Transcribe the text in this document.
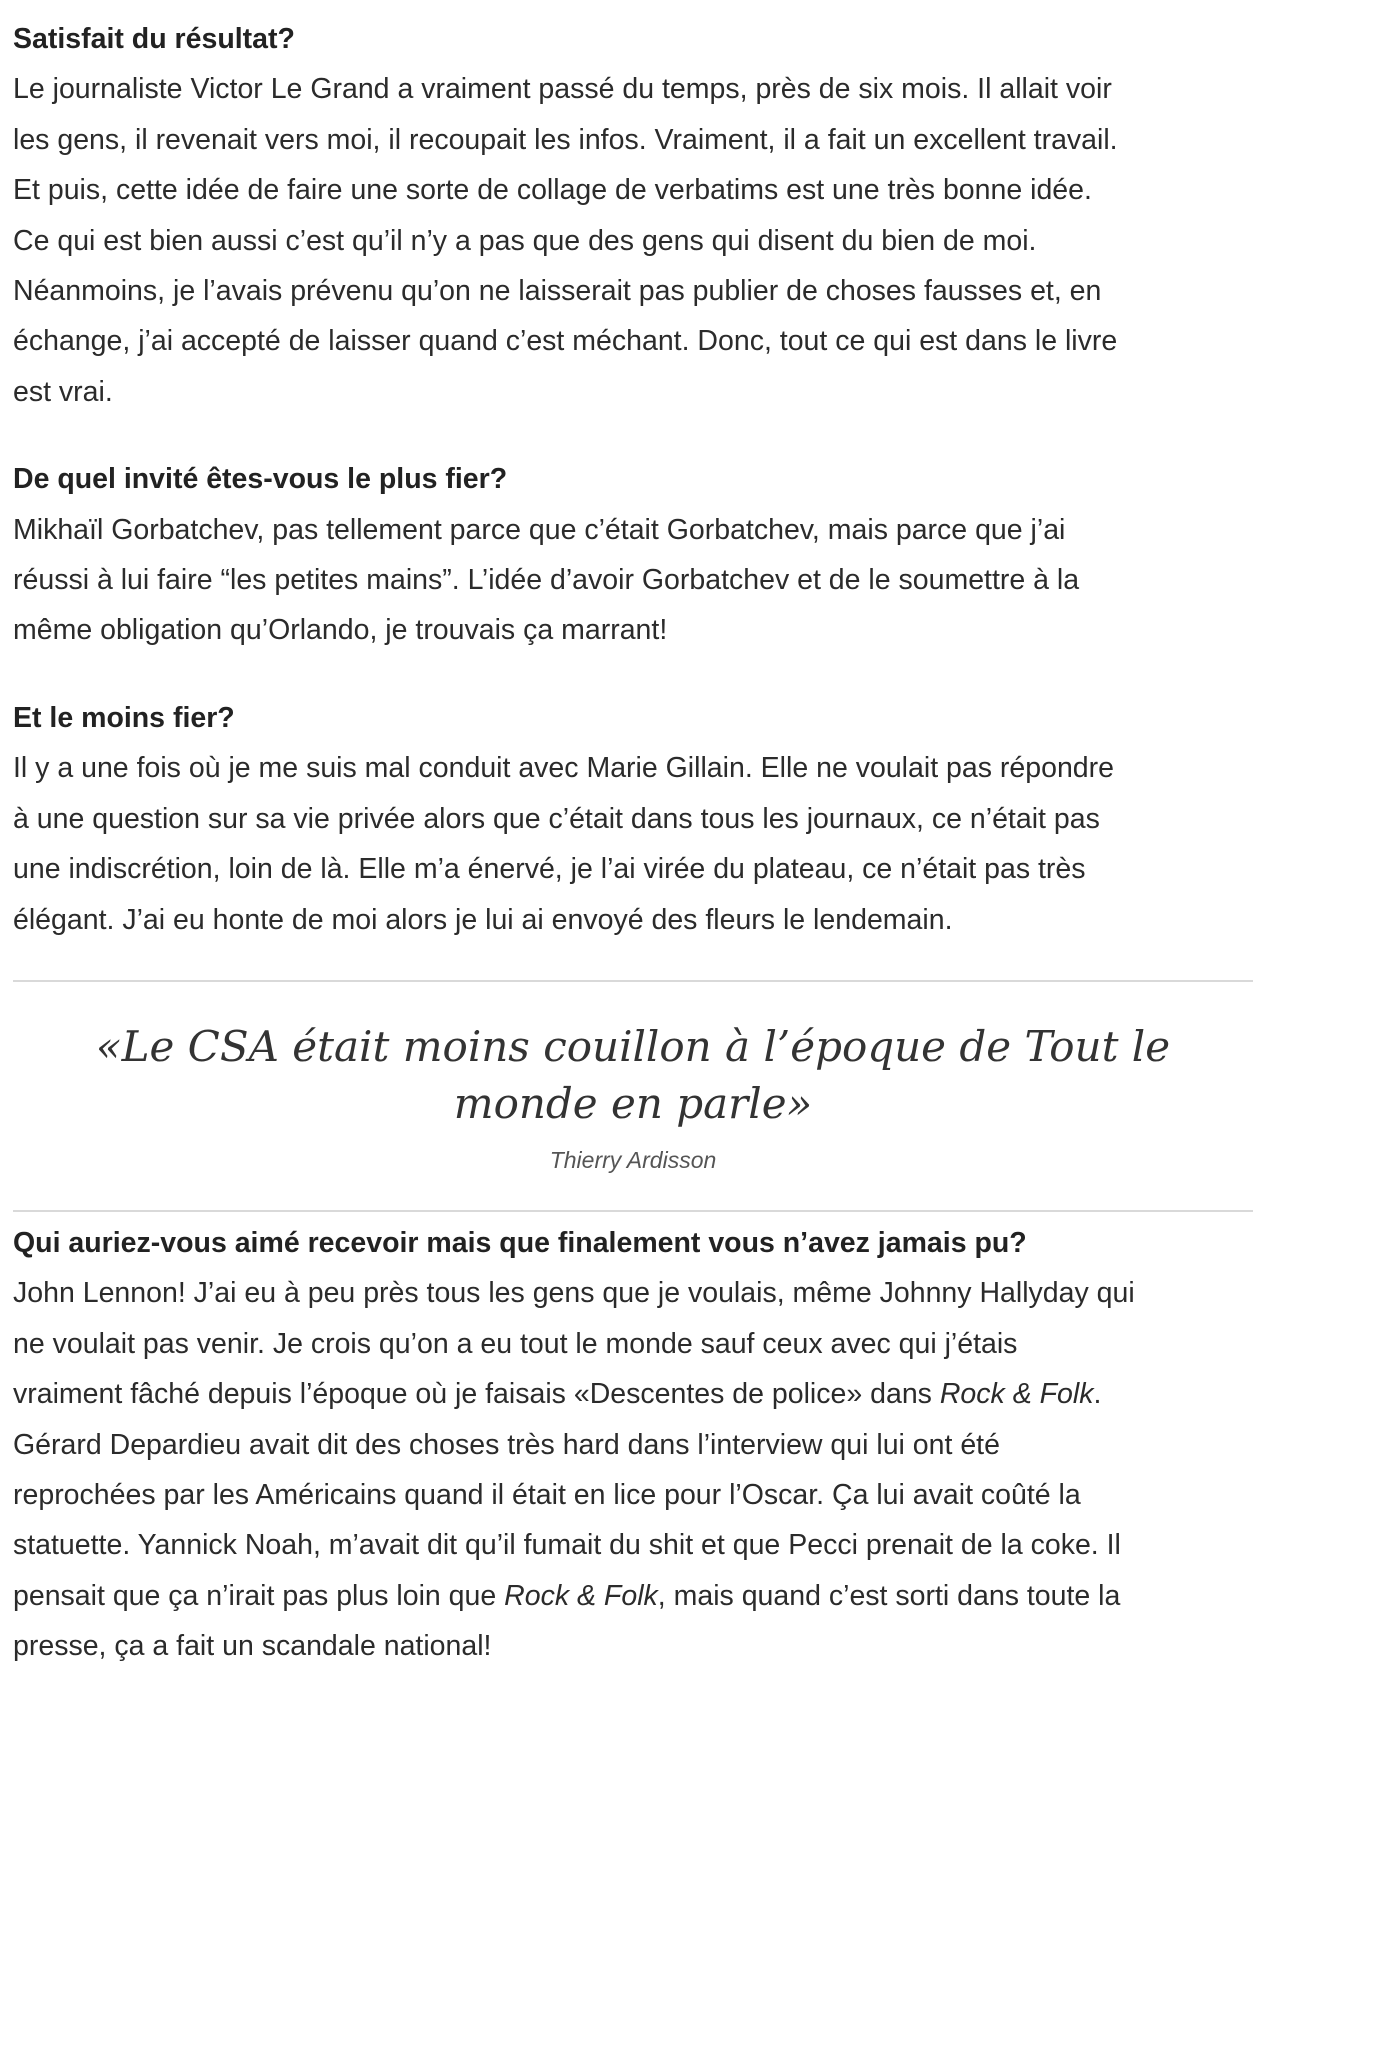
Satisfait du résultat?

Le journaliste Victor Le Grand a vraiment passé du temps, près de six mois. Il allait voir
les gens, il revenait vers moi, il recoupait les infos. Vraiment, il a fait un excellent travail.
Et puis, cette idée de faire une sorte de collage de verbatims est une très bonne idée.
Ce qui est bien aussi c’est qu’il n’y a pas que des gens qui disent du bien de moi.
Néanmoins, je l’avais prévenu qu’on ne laisserait pas publier de choses fausses et, en
échange, j’ai accepté de laisser quand c’est méchant. Donc, tout ce qui est dans le livre
est vrai.

De quel invité êtes-vous le plus fier?

Mikhaïl Gorbatchev, pas tellement parce que c’était Gorbatchev, mais parce que j’ai
réussi à lui faire “les petites mains”. L’idée d’avoir Gorbatchev et de le soumettre à la
même obligation qu’Orlando, je trouvais ça marrant!

Et le moins fier?

Il y a une fois où je me suis mal conduit avec Marie Gillain. Elle ne voulait pas répondre
à une question sur sa vie privée alors que c’était dans tous les journaux, ce n’était pas
une indiscrétion, loin de là. Elle m’a énervé, je l’ai virée du plateau, ce n’était pas très
élégant. J’ai eu honte de moi alors je lui ai envoyé des fleurs le lendemain.

«Le CSA était moins couillon à l’époque de Tout le
monde en parle»

Thierry Ardisson

Qui auriez-vous aimé recevoir mais que finalement vous n’avez jamais pu?

John Lennon! J’ai eu à peu près tous les gens que je voulais, même Johnny Hallyday qui
ne voulait pas venir. Je crois qu’on a eu tout le monde sauf ceux avec qui j’étais
vraiment fâché depuis l’époque où je faisais «Descentes de police» dans Rock & Folk.
Gérard Depardieu avait dit des choses très hard dans l’interview qui lui ont été
reprochées par les Américains quand il était en lice pour l’Oscar. Ça lui avait coûté la
statuette. Yannick Noah, m’avait dit qu’il fumait du shit et que Pecci prenait de la coke. Il
pensait que ça n’irait pas plus loin que Rock & Folk, mais quand c’est sorti dans toute la
presse, ça a fait un scandale national!
